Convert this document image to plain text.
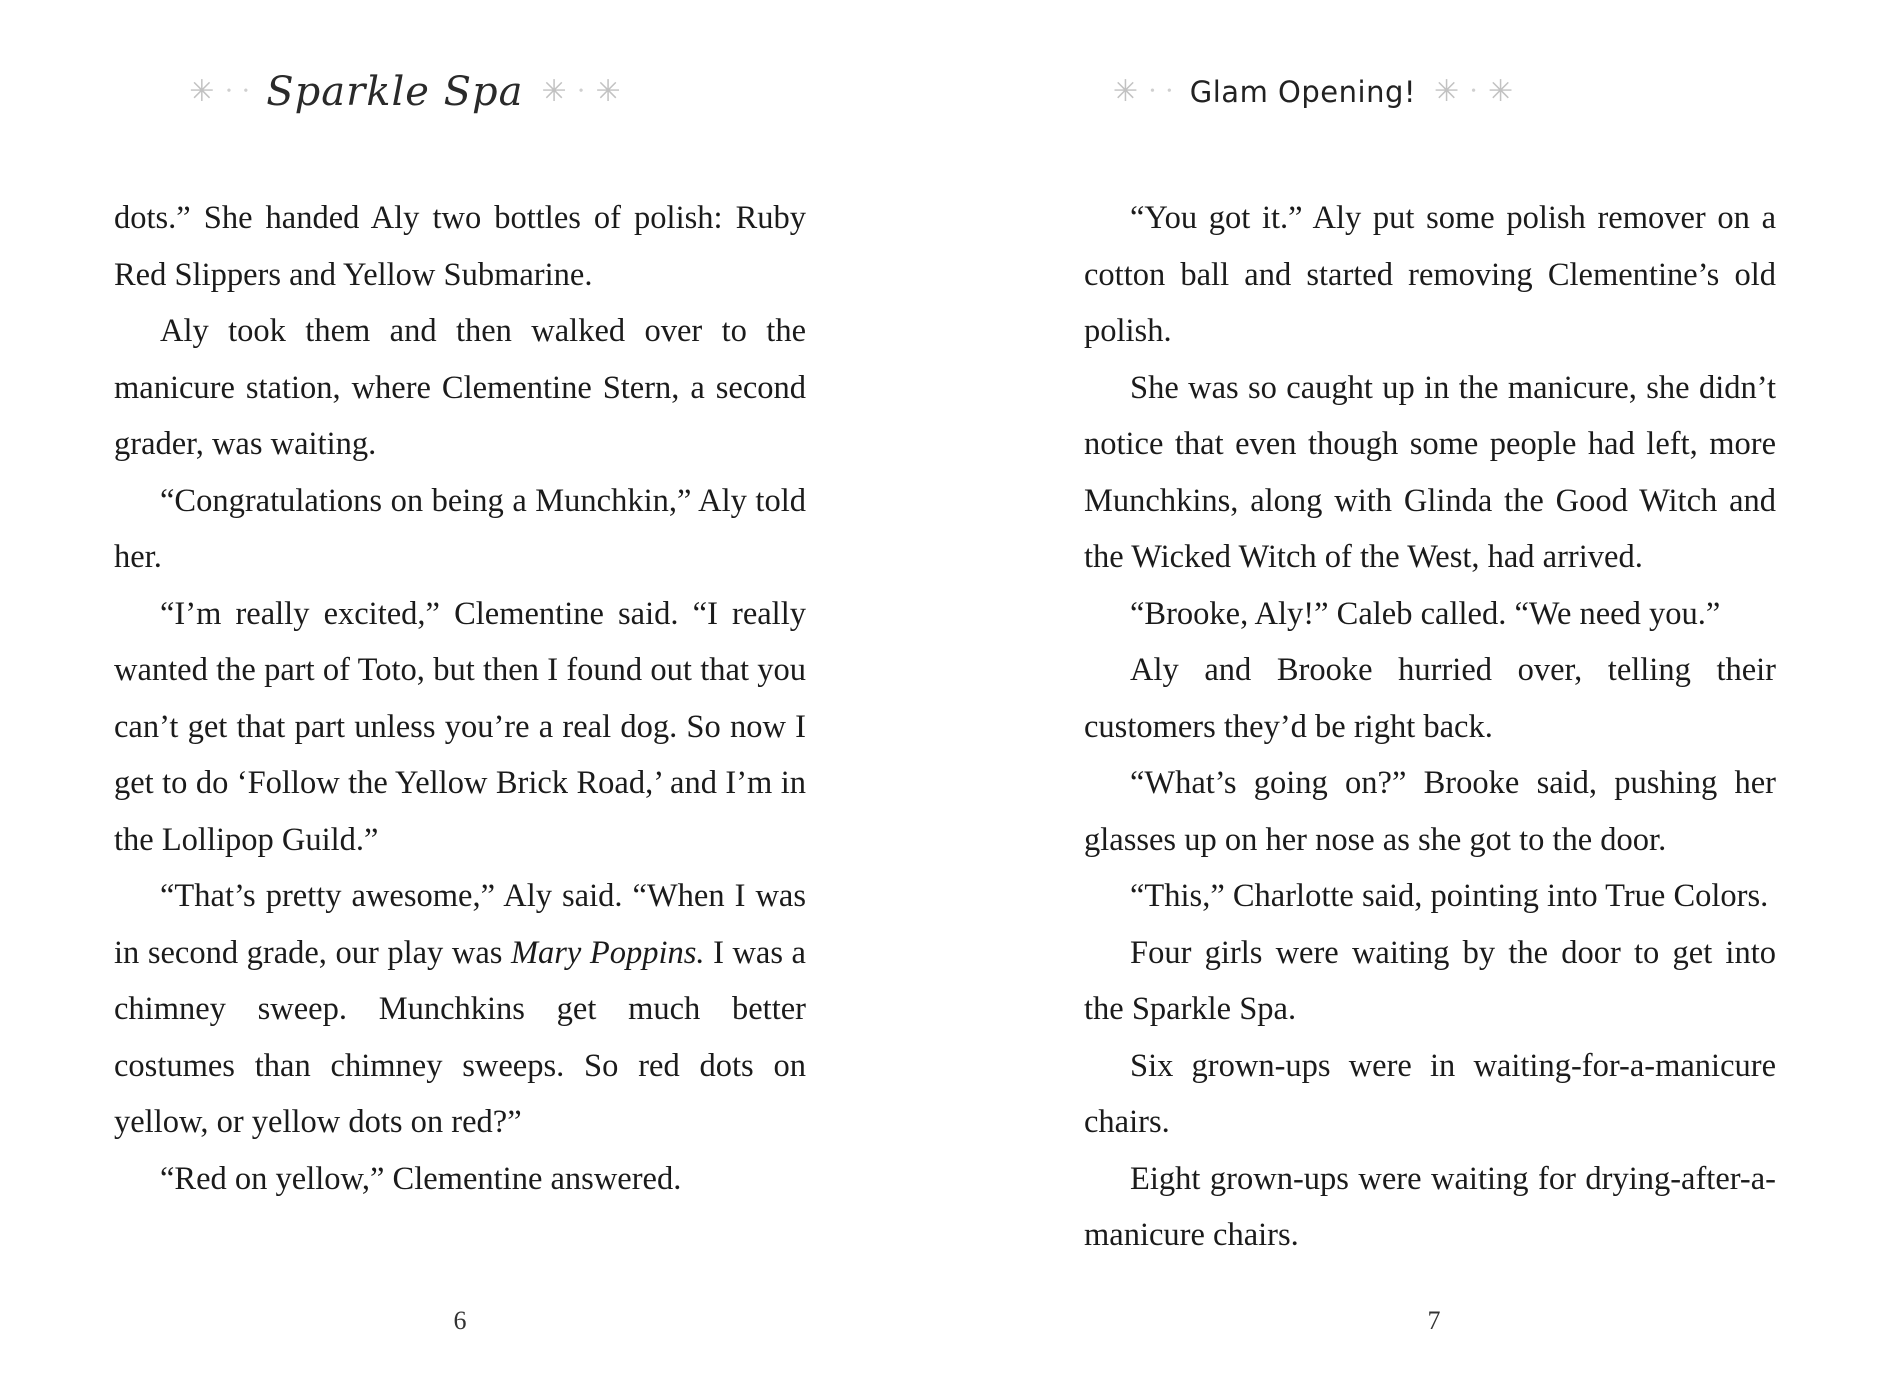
✳ • • Sparkle Spa ✳ • ✳

dots.” She handed Aly two bottles of polish: Ruby Red Slippers and Yellow Submarine.

Aly took them and then walked over to the manicure station, where Clementine Stern, a second grader, was waiting.

“Congratulations on being a Munchkin,” Aly told her.

“I’m really excited,” Clementine said. “I really wanted the part of Toto, but then I found out that you can’t get that part unless you’re a real dog. So now I get to do ‘Follow the Yellow Brick Road,’ and I’m in the Lollipop Guild.”

“That’s pretty awesome,” Aly said. “When I was in second grade, our play was Mary Poppins. I was a chimney sweep. Munchkins get much better costumes than chimney sweeps. So red dots on yellow, or yellow dots on red?”

“Red on yellow,” Clementine answered.

6
✳ • • Glam Opening! ✳ • ✳

“You got it.” Aly put some polish remover on a cotton ball and started removing Clementine’s old polish.

She was so caught up in the manicure, she didn’t notice that even though some people had left, more Munchkins, along with Glinda the Good Witch and the Wicked Witch of the West, had arrived.

“Brooke, Aly!” Caleb called. “We need you.”

Aly and Brooke hurried over, telling their customers they’d be right back.

“What’s going on?” Brooke said, pushing her glasses up on her nose as she got to the door.

“This,” Charlotte said, pointing into True Colors.

Four girls were waiting by the door to get into the Sparkle Spa.

Six grown-ups were in waiting-for-a-manicure chairs.

Eight grown-ups were waiting for drying-after-a-manicure chairs.

7
